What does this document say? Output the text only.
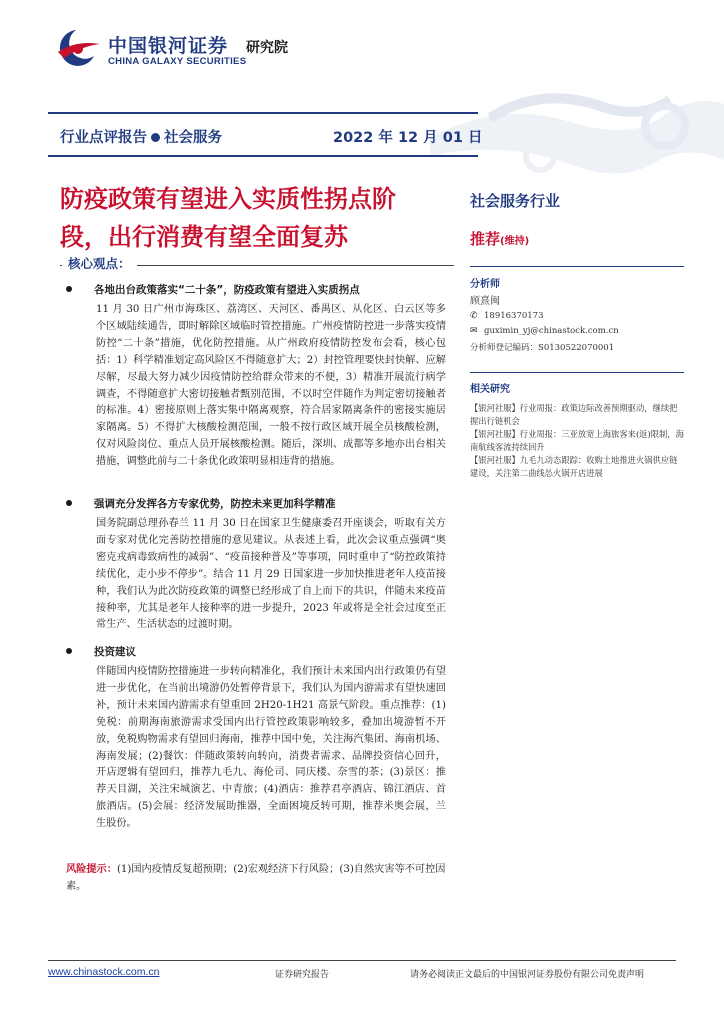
中国银河证券
CHINA GALAXY SECURITIES
研究院
行业点评报告 社会服务	2022 年 12 月 01 日
防疫政策有望进入实质性拐点阶段，出行消费有望全面复苏
核心观点：
社会服务行业
推荐(维持)
分析师
顾熹闽
✆ 18916370173
✉ guximin_yj@chinastock.com.cn
分析师登记编码：S0130522070001
相关研究
【银河社服】行业周报：政策边际改善预期驱动，继续把握出行链机会
【银河社服】行业周报：三亚放宽上海旅客来(返)限制，海南航线客流持续回升
【银河社服】九毛九动态跟踪：收购土地推进火锅供应链建设，关注第二曲线怂火锅开店进展
各地出台政策落实“二十条”，防疫政策有望进入实质拐点
11 月 30 日广州市海珠区、荔湾区、天河区、番禺区、从化区、白云区等多个区域陆续通告，即时解除区域临时管控措施。广州疫情防控进一步落实疫情防控“二十条”措施，优化防控措施。从广州政府疫情防控发布会看，核心包括：1）科学精准划定高风险区不得随意扩大；2）封控管理要快封快解、应解尽解，尽最大努力减少因疫情防控给群众带来的不便，3）精准开展流行病学调查，不得随意扩大密切接触者甄别范围，不以时空伴随作为判定密切接触者的标准。4）密接原则上落实集中隔离观察，符合居家隔离条件的密接实施居家隔离。5）不得扩大核酸检测范围，一般不按行政区域开展全员核酸检测，仅对风险岗位、重点人员开展核酸检测。随后，深圳、成都等多地亦出台相关措施，调整此前与二十条优化政策明显相违背的措施。
强调充分发挥各方专家优势，防控未来更加科学精准
国务院副总理孙春兰 11 月 30 日在国家卫生健康委召开座谈会，听取有关方面专家对优化完善防控措施的意见建议。从表述上看，此次会议重点强调“奥密克戎病毒致病性的减弱”、“疫苗接种普及”等事项，同时重申了“防控政策持续优化，走小步不停步”。结合 11 月 29 日国家进一步加快推进老年人疫苗接种，我们认为此次防疫政策的调整已经形成了自上而下的共识，伴随未来疫苗接种率，尤其是老年人接种率的进一步提升，2023 年或将是全社会过度至正常生产、生活状态的过渡时期。
投资建议
伴随国内疫情防控措施进一步转向精准化，我们预计未来国内出行政策仍有望进一步优化，在当前出境游仍处暂停背景下，我们认为国内游需求有望快速回补，预计未来国内游需求有望重回 2H20-1H21 高景气阶段。重点推荐：(1)免税：前期海南旅游需求受国内出行管控政策影响较多，叠加出境游暂不开放，免税购物需求有望回归海南，推荐中国中免，关注海汽集团、海南机场、海南发展；(2)餐饮：伴随政策转向转向，消费者需求、品牌投资信心回升，开店逻辑有望回归，推荐九毛九、海伦司、同庆楼、奈雪的茶；(3)景区：推荐天目湖，关注宋城演艺、中青旅；(4)酒店：推荐君亭酒店、锦江酒店、首旅酒店。(5)会展：经济发展助推器，全面困境反转可期，推荐米奥会展，兰生股份。
风险提示：(1)国内疫情反复超预期；(2)宏观经济下行风险；(3)自然灾害等不可控因素。
www.chinastock.com.cn	证券研究报告	请务必阅读正文最后的中国银河证券股份有限公司免责声明
